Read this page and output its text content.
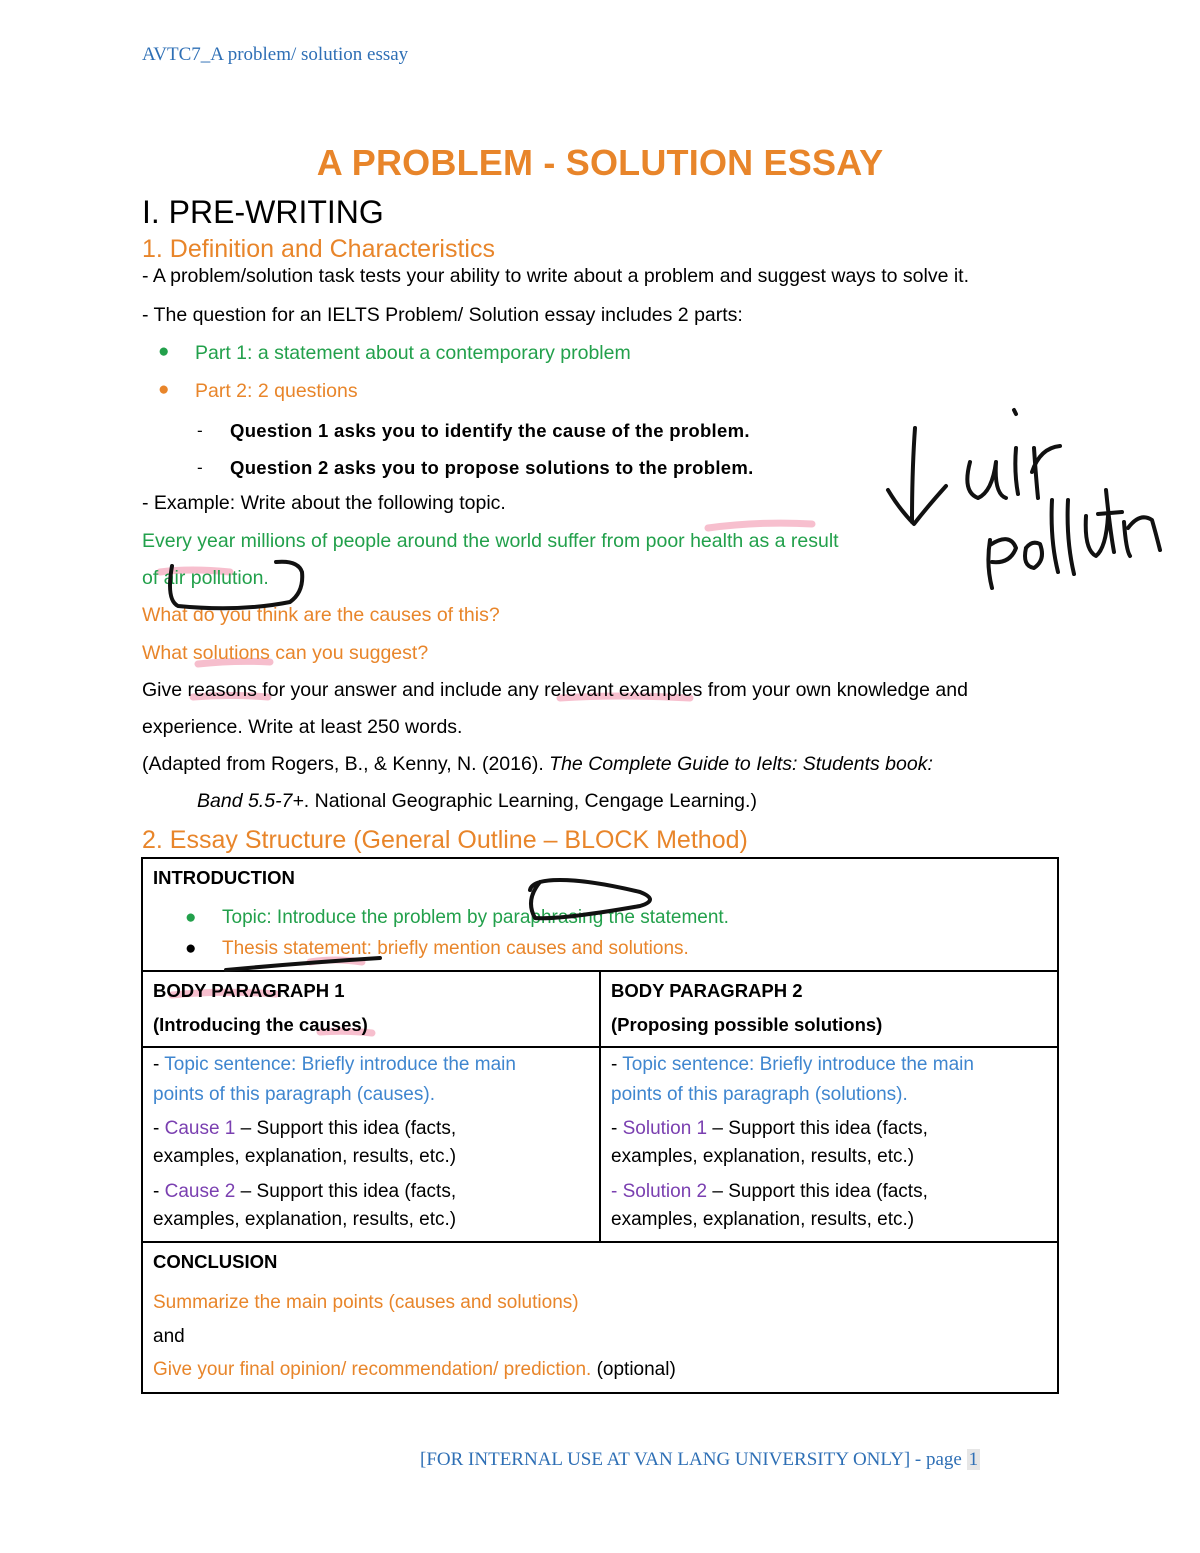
AVTC7_A problem/ solution essay
A PROBLEM - SOLUTION ESSAY
I. PRE-WRITING
1. Definition and Characteristics
- A problem/solution task tests your ability to write about a problem and suggest ways to solve it.
- The question for an IELTS Problem/ Solution essay includes 2 parts:
● Part 1: a statement about a contemporary problem
● Part 2: 2 questions
- Question 1 asks you to identify the cause of the problem.
- Question 2 asks you to propose solutions to the problem.
- Example: Write about the following topic.
Every year millions of people around the world suffer from poor health as a result
of air pollution.
What do you think are the causes of this?
What solutions can you suggest?
Give reasons for your answer and include any relevant examples from your own knowledge and
experience. Write at least 250 words.
(Adapted from Rogers, B., & Kenny, N. (2016). The Complete Guide to Ielts: Students book:
Band 5.5-7+. National Geographic Learning, Cengage Learning.)
2. Essay Structure (General Outline – BLOCK Method)
INTRODUCTION
● Topic: Introduce the problem by paraphrasing the statement.
● Thesis statement: briefly mention causes and solutions.
BODY PARAGRAPH 1
(Introducing the causes)
BODY PARAGRAPH 2
(Proposing possible solutions)
- Topic sentence: Briefly introduce the main
points of this paragraph (causes).
- Cause 1 – Support this idea (facts,
examples, explanation, results, etc.)
- Cause 2 – Support this idea (facts,
examples, explanation, results, etc.)
- Topic sentence: Briefly introduce the main
points of this paragraph (solutions).
- Solution 1 – Support this idea (facts,
examples, explanation, results, etc.)
- Solution 2 – Support this idea (facts,
examples, explanation, results, etc.)
CONCLUSION
Summarize the main points (causes and solutions)
and
Give your final opinion/ recommendation/ prediction. (optional)
[FOR INTERNAL USE AT VAN LANG UNIVERSITY ONLY] - page 1
